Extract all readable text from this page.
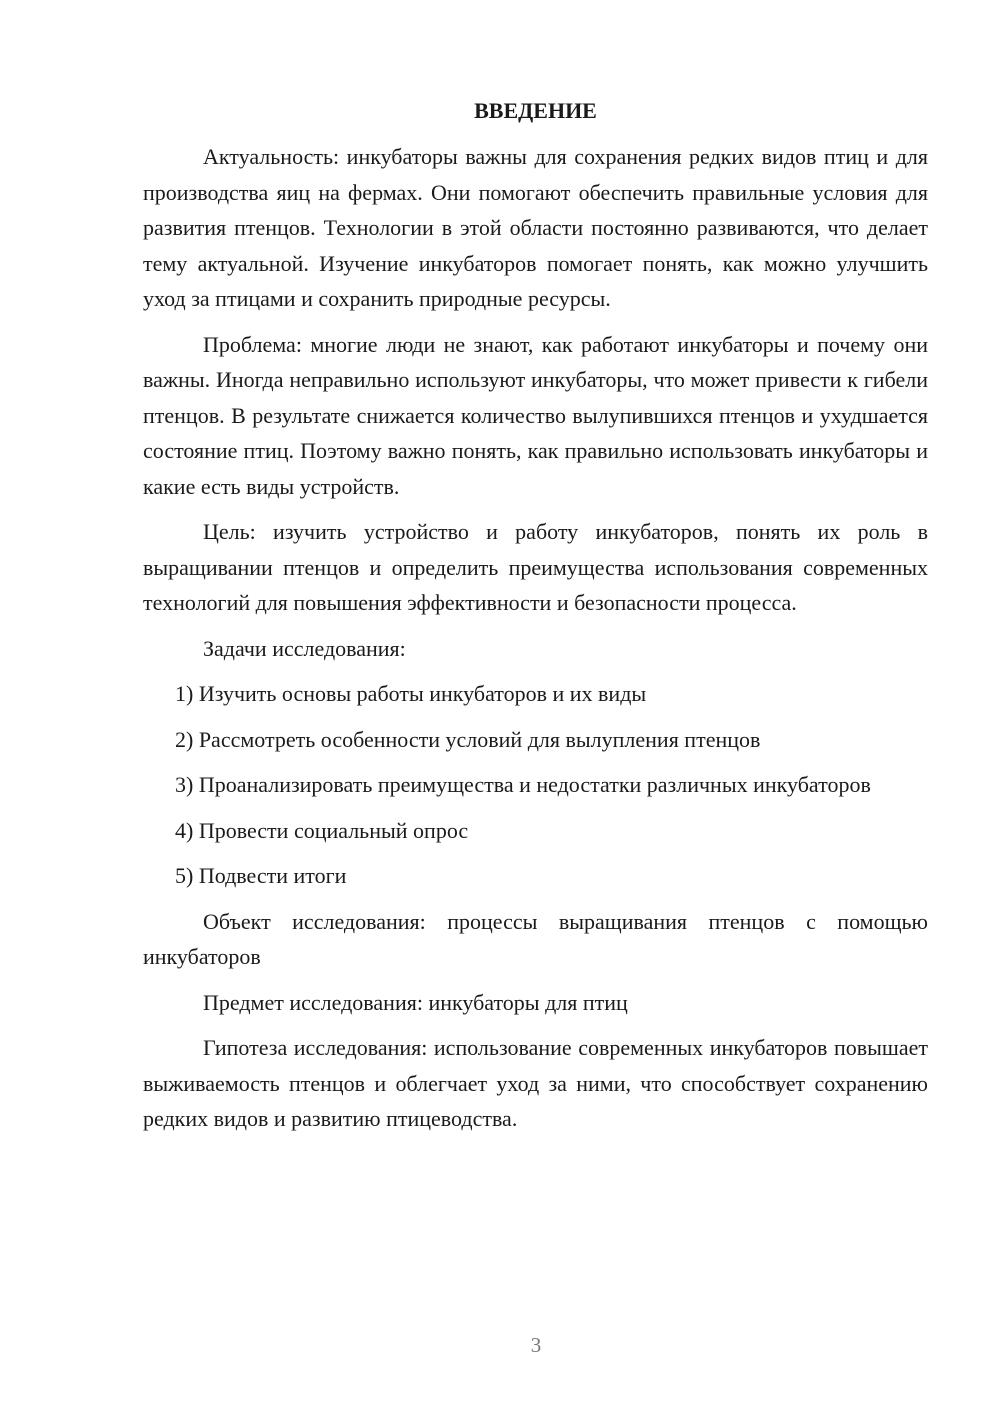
ВВЕДЕНИЕ

Актуальность: инкубаторы важны для сохранения редких видов птиц и для производства яиц на фермах. Они помогают обеспечить правильные условия для развития птенцов. Технологии в этой области постоянно развиваются, что делает тему актуальной. Изучение инкубаторов помогает понять, как можно улучшить уход за птицами и сохранить природные ресурсы.

Проблема: многие люди не знают, как работают инкубаторы и почему они важны. Иногда неправильно используют инкубаторы, что может привести к гибели птенцов. В результате снижается количество вылупившихся птенцов и ухудшается состояние птиц. Поэтому важно понять, как правильно использовать инкубаторы и какие есть виды устройств.

Цель: изучить устройство и работу инкубаторов, понять их роль в выращивании птенцов и определить преимущества использования современных технологий для повышения эффективности и безопасности процесса.

Задачи исследования:

1) Изучить основы работы инкубаторов и их виды

2) Рассмотреть особенности условий для вылупления птенцов

3) Проанализировать преимущества и недостатки различных инкубаторов

4) Провести социальный опрос

5) Подвести итоги

Объект исследования: процессы выращивания птенцов с помощью инкубаторов

Предмет исследования: инкубаторы для птиц

Гипотеза исследования: использование современных инкубаторов повышает выживаемость птенцов и облегчает уход за ними, что способствует сохранению редких видов и развитию птицеводства.

3
